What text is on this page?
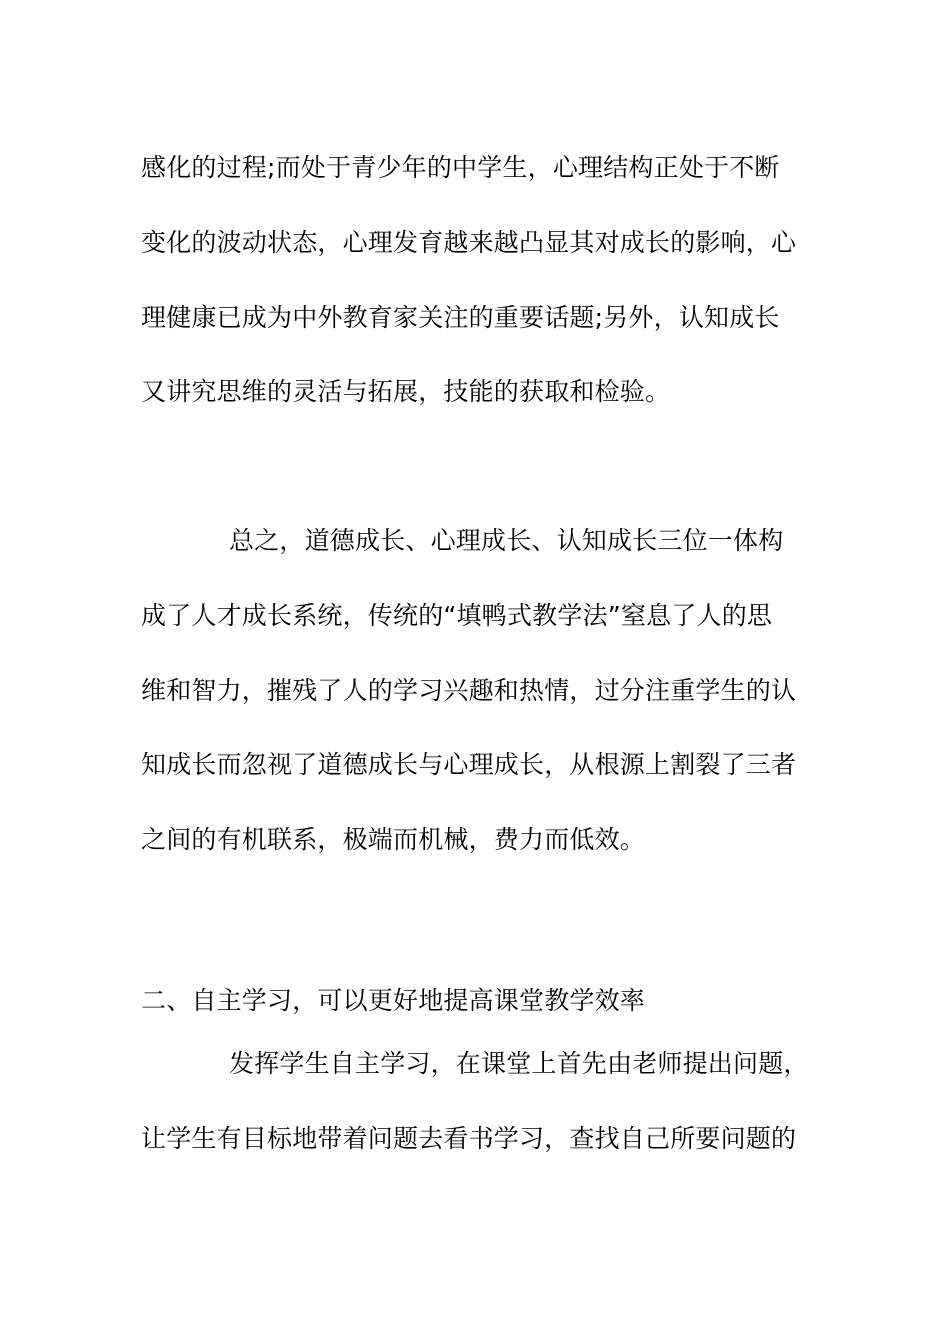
感化的过程;而处于青少年的中学生，心理结构正处于不断
变化的波动状态，心理发育越来越凸显其对成长的影响，心
理健康已成为中外教育家关注的重要话题;另外，认知成长
又讲究思维的灵活与拓展，技能的获取和检验。
总之，道德成长、心理成长、认知成长三位一体构
成了人才成长系统，传统的“填鸭式教学法”窒息了人的思
维和智力，摧残了人的学习兴趣和热情，过分注重学生的认
知成长而忽视了道德成长与心理成长，从根源上割裂了三者
之间的有机联系，极端而机械，费力而低效。
二、自主学习，可以更好地提高课堂教学效率
发挥学生自主学习，在课堂上首先由老师提出问题，
让学生有目标地带着问题去看书学习，查找自己所要问题的
